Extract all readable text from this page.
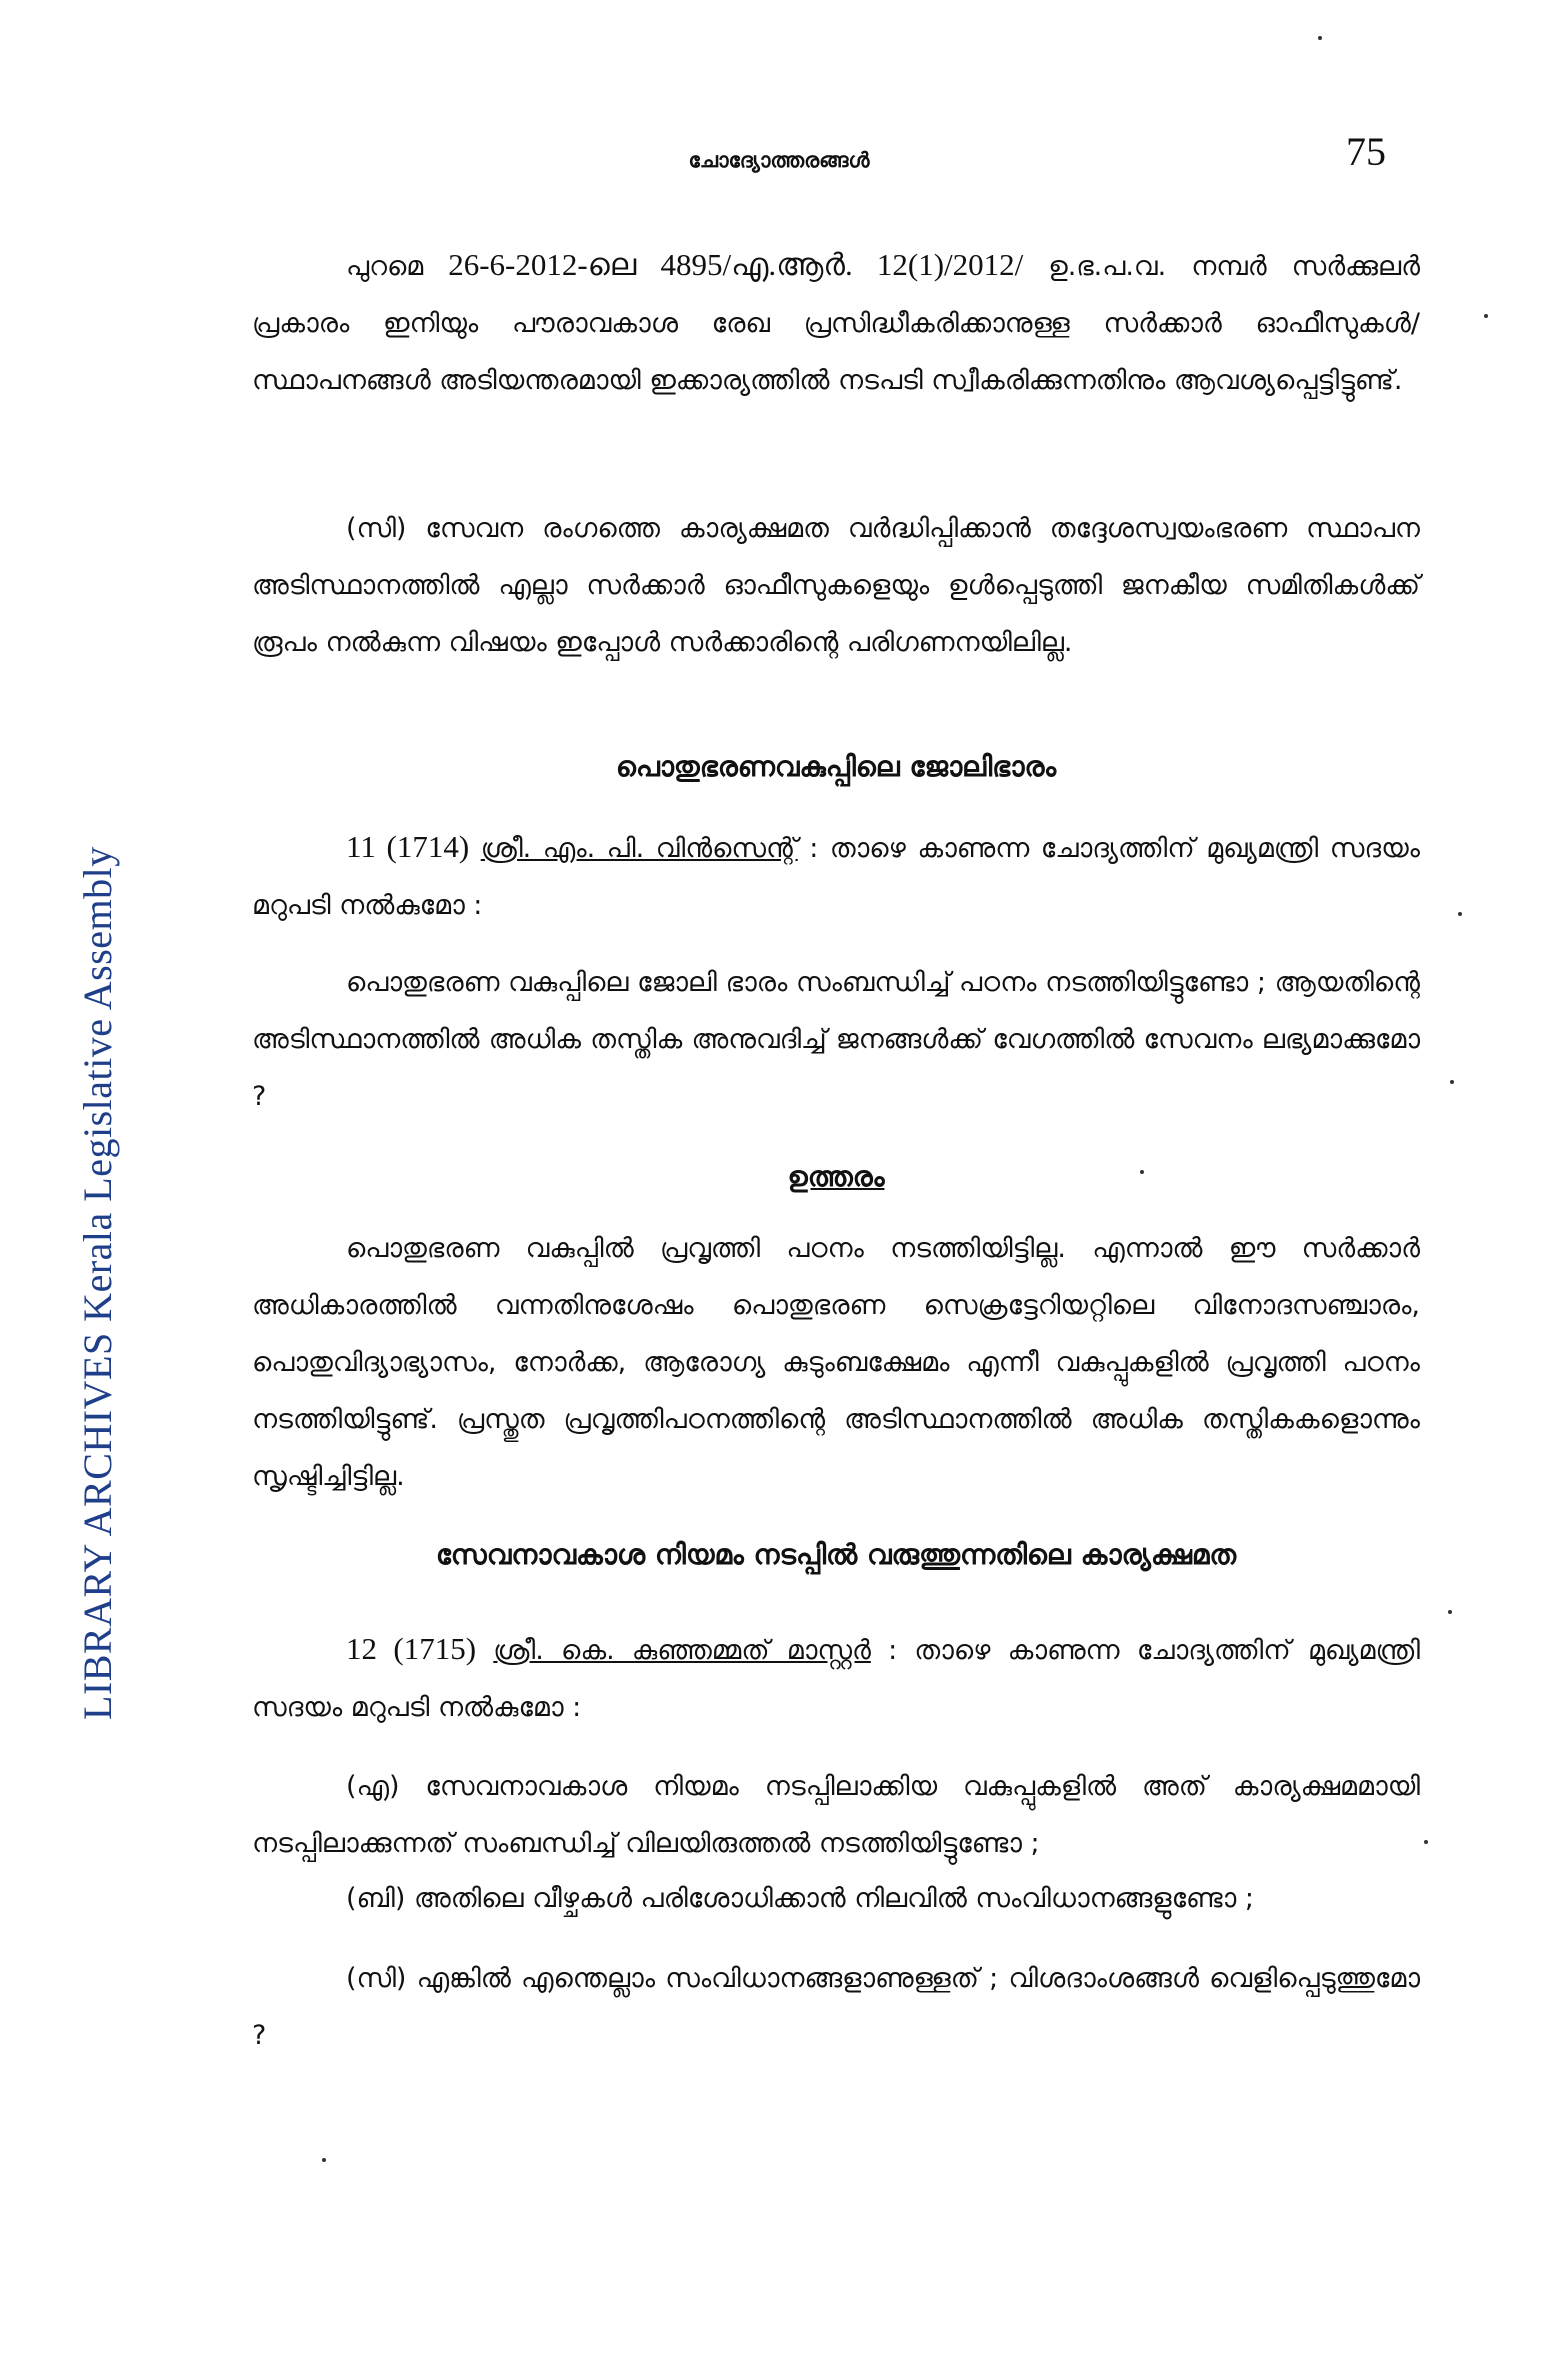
LIBRARY ARCHIVES Kerala Legislative Assembly
ചോദ്യോത്തരങ്ങൾ	75
പുറമെ 26-6-2012-ലെ 4895/എ.ആർ. 12(1)/2012/ ഉ.ഭ.പ.വ. നമ്പർ സർക്കുലർ പ്രകാരം ഇനിയും പൗരാവകാശ രേഖ പ്രസിദ്ധീകരിക്കാനുള്ള സർക്കാർ ഓഫീസുകൾ/ സ്ഥാപനങ്ങൾ അടിയന്തരമായി ഇക്കാര്യത്തിൽ നടപടി സ്വീകരിക്കുന്നതിനും ആവശ്യപ്പെട്ടിട്ടുണ്ട്.
(സി) സേവന രംഗത്തെ കാര്യക്ഷമത വർദ്ധിപ്പിക്കാൻ തദ്ദേശസ്വയംഭരണ സ്ഥാപന അടിസ്ഥാനത്തിൽ എല്ലാ സർക്കാർ ഓഫീസുകളെയും ഉൾപ്പെടുത്തി ജനകീയ സമിതികൾക്ക് രൂപം നൽകുന്ന വിഷയം ഇപ്പോൾ സർക്കാരിന്റെ പരിഗണനയിലില്ല.
പൊതുഭരണവകുപ്പിലെ ജോലിഭാരം
11 (1714) ശ്രീ. എം. പി. വിൻസെന്റ് : താഴെ കാണുന്ന ചോദ്യത്തിന് മുഖ്യമന്ത്രി സദയം മറുപടി നൽകുമോ :
പൊതുഭരണ വകുപ്പിലെ ജോലി ഭാരം സംബന്ധിച്ച് പഠനം നടത്തിയിട്ടുണ്ടോ ; ആയതിന്റെ അടിസ്ഥാനത്തിൽ അധിക തസ്തിക അനുവദിച്ച് ജനങ്ങൾക്ക് വേഗത്തിൽ സേവനം ലഭ്യമാക്കുമോ ?
ഉത്തരം
പൊതുഭരണ വകുപ്പിൽ പ്രവൃത്തി പഠനം നടത്തിയിട്ടില്ല. എന്നാൽ ഈ സർക്കാർ അധികാരത്തിൽ വന്നതിനുശേഷം പൊതുഭരണ സെക്രട്ടേറിയറ്റിലെ വിനോദസഞ്ചാരം, പൊതുവിദ്യാഭ്യാസം, നോർക്ക, ആരോഗ്യ കുടുംബക്ഷേമം എന്നീ വകുപ്പുകളിൽ പ്രവൃത്തി പഠനം നടത്തിയിട്ടുണ്ട്. പ്രസ്തുത പ്രവൃത്തിപഠനത്തിന്റെ അടിസ്ഥാനത്തിൽ അധിക തസ്തികകളൊന്നും സൃഷ്ടിച്ചിട്ടില്ല.
സേവനാവകാശ നിയമം നടപ്പിൽ വരുത്തുന്നതിലെ കാര്യക്ഷമത
12 (1715) ശ്രീ. കെ. കുഞ്ഞമ്മത് മാസ്റ്റർ : താഴെ കാണുന്ന ചോദ്യത്തിന് മുഖ്യമന്ത്രി സദയം മറുപടി നൽകുമോ :
(എ) സേവനാവകാശ നിയമം നടപ്പിലാക്കിയ വകുപ്പുകളിൽ അത് കാര്യക്ഷമമായി നടപ്പിലാക്കുന്നത് സംബന്ധിച്ച് വിലയിരുത്തൽ നടത്തിയിട്ടുണ്ടോ ;
(ബി) അതിലെ വീഴ്ചകൾ പരിശോധിക്കാൻ നിലവിൽ സംവിധാനങ്ങളുണ്ടോ ;
(സി) എങ്കിൽ എന്തെല്ലാം സംവിധാനങ്ങളാണുള്ളത് ; വിശദാംശങ്ങൾ വെളിപ്പെടുത്തുമോ ?
